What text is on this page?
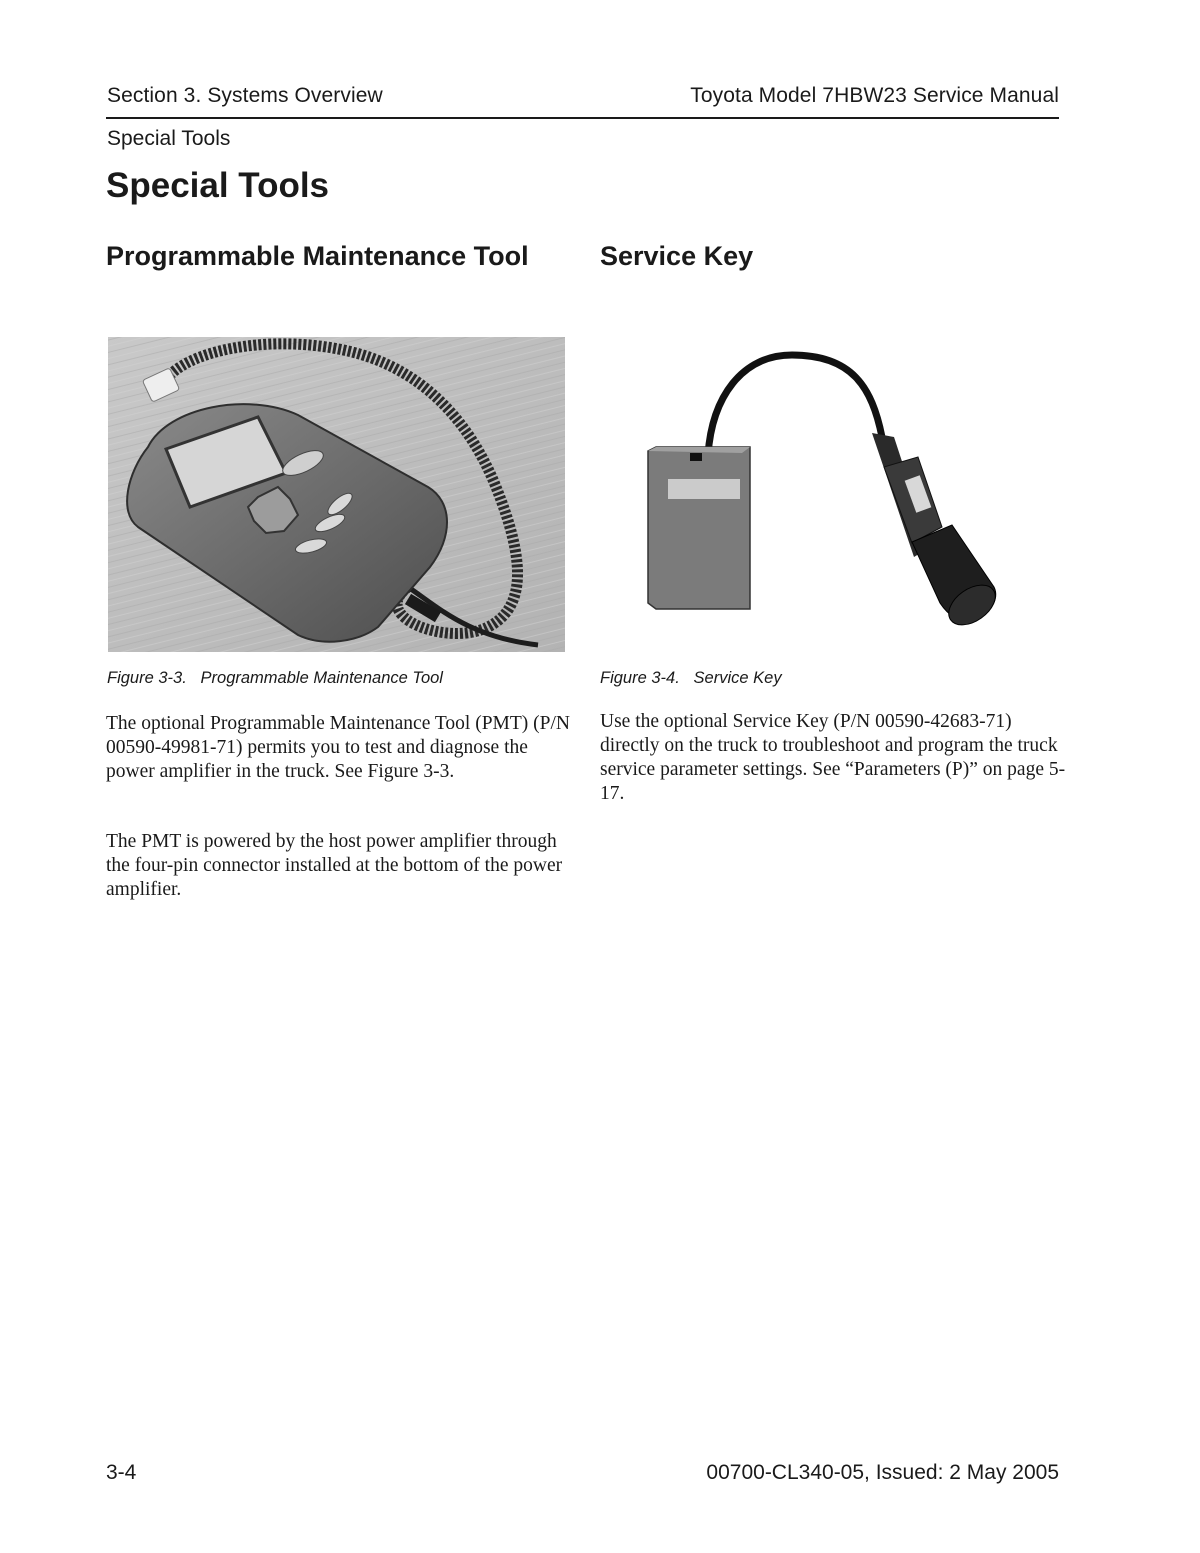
Section 3. Systems Overview	Toyota Model 7HBW23 Service Manual
Special Tools
Special Tools
Programmable Maintenance Tool	Service Key
Figure 3-3.   Programmable Maintenance Tool	Figure 3-4.   Service Key

The optional Programmable Maintenance Tool (PMT) (P/N 00590-49981-71) permits you to test and diagnose the power amplifier in the truck. See Figure 3-3.

The PMT is powered by the host power amplifier through the four-pin connector installed at the bottom of the power amplifier.

Use the optional Service Key (P/N 00590-42683-71) directly on the truck to troubleshoot and program the truck service parameter settings. See “Parameters (P)” on page 5-17.

3-4	00700-CL340-05, Issued: 2 May 2005
